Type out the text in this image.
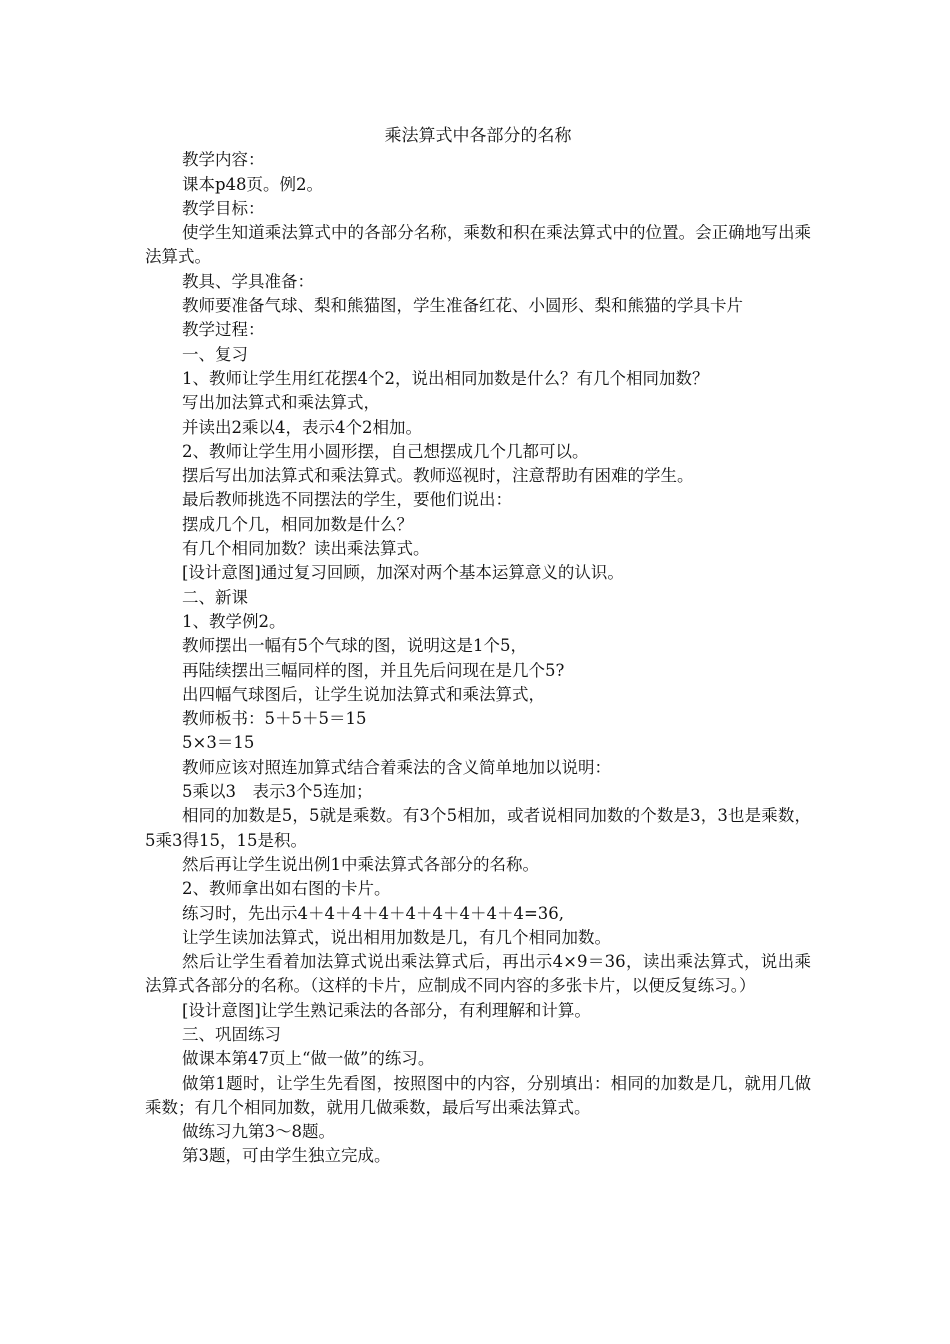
乘法算式中各部分的名称

教学内容：

课本p48页。例2。

教学目标：

使学生知道乘法算式中的各部分名称，乘数和积在乘法算式中的位置。会正确地写出乘法算式。

教具、学具准备：

教师要准备气球、梨和熊猫图，学生准备红花、小圆形、梨和熊猫的学具卡片

教学过程：

一、复习

1、教师让学生用红花摆4个2，说出相同加数是什么？有几个相同加数？

写出加法算式和乘法算式，

并读出2乘以4，表示4个2相加。

2、教师让学生用小圆形摆，自己想摆成几个几都可以。

摆后写出加法算式和乘法算式。教师巡视时，注意帮助有困难的学生。

最后教师挑选不同摆法的学生，要他们说出：

摆成几个几，相同加数是什么？

有几个相同加数？读出乘法算式。

[设计意图]通过复习回顾，加深对两个基本运算意义的认识。

二、新课

1、教学例2。

教师摆出一幅有5个气球的图，说明这是1个5，

再陆续摆出三幅同样的图，并且先后问现在是几个5?

出四幅气球图后，让学生说加法算式和乘法算式，

教师板书：5＋5＋5＝15

5×3＝15

教师应该对照连加算式结合着乘法的含义简单地加以说明：

5乘以3　表示3个5连加；

相同的加数是5，5就是乘数。有3个5相加，或者说相同加数的个数是3，3也是乘数，5乘3得15，15是积。

然后再让学生说出例1中乘法算式各部分的名称。

2、教师拿出如右图的卡片。

练习时，先出示4＋4＋4＋4＋4＋4＋4＋4＋4=36,

让学生读加法算式，说出相用加数是几，有几个相同加数。

然后让学生看着加法算式说出乘法算式后，再出示4×9＝36，读出乘法算式，说出乘法算式各部分的名称。（这样的卡片，应制成不同内容的多张卡片，以便反复练习。）

[设计意图]让学生熟记乘法的各部分，有利理解和计算。

三、巩固练习

做课本第47页上“做一做”的练习。

做第1题时，让学生先看图，按照图中的内容，分别填出：相同的加数是几，就用几做乘数；有几个相同加数，就用几做乘数，最后写出乘法算式。

做练习九第3～8题。

第3题，可由学生独立完成。
